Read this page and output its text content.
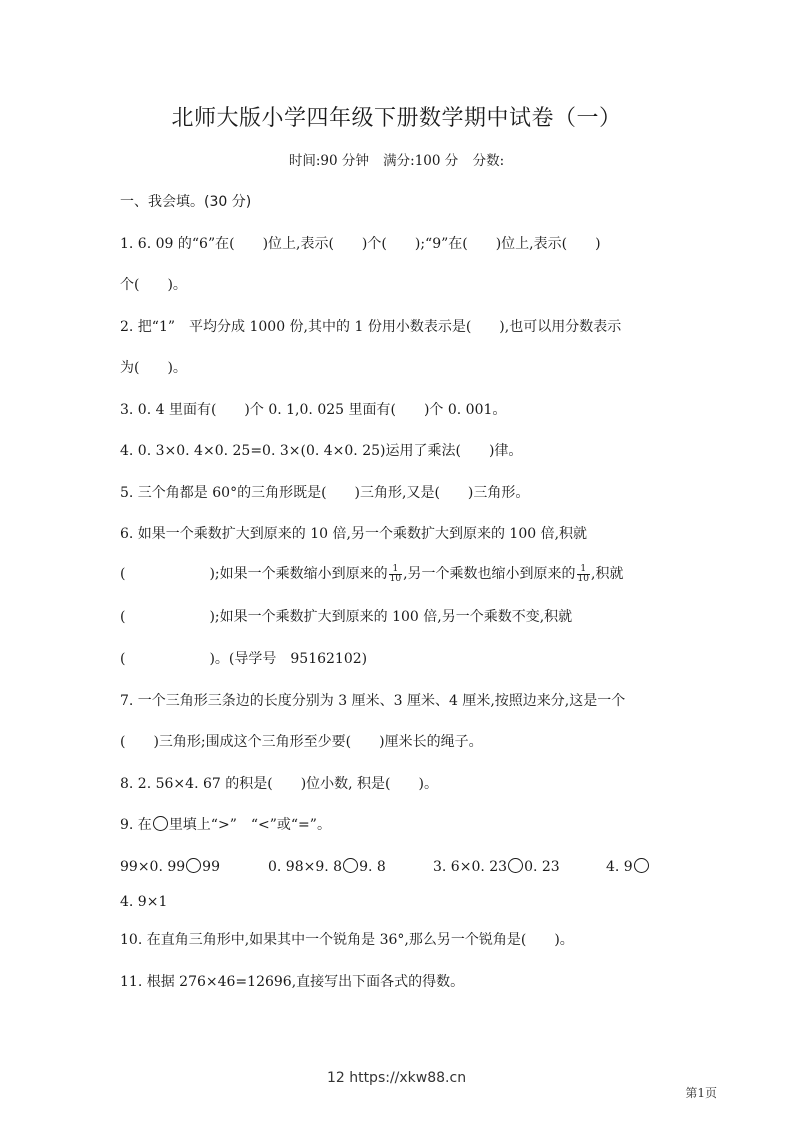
北师大版小学四年级下册数学期中试卷（一）
时间:90 分钟 满分:100 分 分数:
一、我会填。(30 分)
1. 6. 09 的“6”在(　　)位上,表示(　　)个(　　);“9”在(　　)位上,表示(　　)
个(　　)。
2. 把“1”　平均分成 1000 份,其中的 1 份用小数表示是(　　),也可以用分数表示
为(　　)。
3. 0. 4 里面有(　　)个 0. 1,0. 025 里面有(　　)个 0. 001。
4. 0. 3×0. 4×0. 25=0. 3×(0. 4×0. 25)运用了乘法(　　)律。
5. 三个角都是 60°的三角形既是(　　)三角形,又是(　　)三角形。
6. 如果一个乘数扩大到原来的 10 倍,另一个乘数扩大到原来的 100 倍,积就
(　　　　　　);如果一个乘数缩小到原来的 $\frac{1}{10}$ ,另一个乘数也缩小到原来的 $\frac{1}{10}$ ,积就
(　　　　　　);如果一个乘数扩大到原来的 100 倍,另一个乘数不变,积就
(　　　　　　)。(导学号　95162102)
7. 一个三角形三条边的长度分别为 3 厘米、3 厘米、4 厘米,按照边来分,这是一个
(　　)三角形;围成这个三角形至少要(　　)厘米长的绳子。
8. 2. 56×4. 67 的积是(　　)位小数, 积是(　　)。
9. 在 里填上“>”　“<”或“=”。
99×0. 99 99	0. 98×9. 8 9. 8	3. 6×0. 23 0. 23	4. 9
4. 9×1
10. 在直角三角形中,如果其中一个锐角是 36°,那么另一个锐角是(　　)。
11. 根据 276×46=12696,直接写出下面各式的得数。
12 https://xkw88.cn
第1页
